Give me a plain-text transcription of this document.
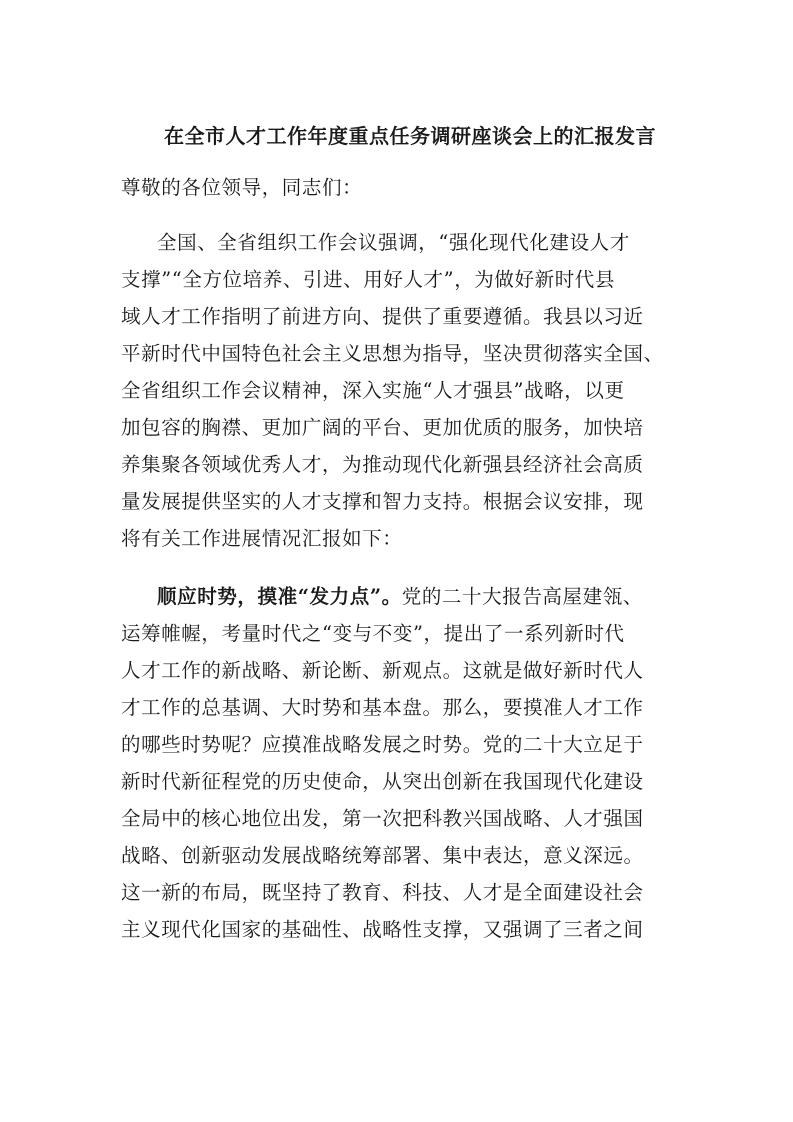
在全市人才工作年度重点任务调研座谈会上的汇报发言
尊敬的各位领导，同志们：
全国、全省组织工作会议强调，“强化现代化建设人才
支撑”“全方位培养、引进、用好人才”，为做好新时代县
域人才工作指明了前进方向、提供了重要遵循。我县以习近
平新时代中国特色社会主义思想为指导，坚决贯彻落实全国、
全省组织工作会议精神，深入实施“人才强县”战略，以更
加包容的胸襟、更加广阔的平台、更加优质的服务，加快培
养集聚各领域优秀人才，为推动现代化新强县经济社会高质
量发展提供坚实的人才支撑和智力支持。根据会议安排，现
将有关工作进展情况汇报如下：
顺应时势，摸准“发力点”。党的二十大报告高屋建瓴、
运筹帷幄，考量时代之“变与不变”，提出了一系列新时代
人才工作的新战略、新论断、新观点。这就是做好新时代人
才工作的总基调、大时势和基本盘。那么，要摸准人才工作
的哪些时势呢？应摸准战略发展之时势。党的二十大立足于
新时代新征程党的历史使命，从突出创新在我国现代化建设
全局中的核心地位出发，第一次把科教兴国战略、人才强国
战略、创新驱动发展战略统筹部署、集中表达，意义深远。
这一新的布局，既坚持了教育、科技、人才是全面建设社会
主义现代化国家的基础性、战略性支撑，又强调了三者之间
